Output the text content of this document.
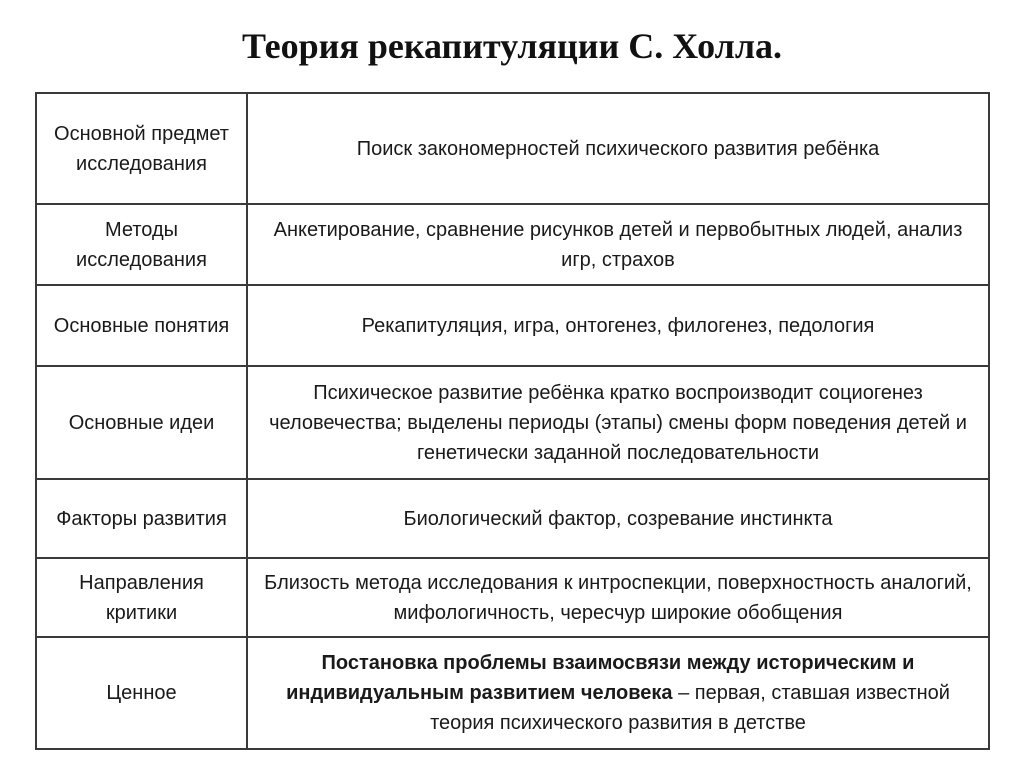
Теория рекапитуляции С. Холла.
Основной предмет исследования	Поиск закономерностей психического развития ребёнка
Методы исследования	Анкетирование, сравнение рисунков детей и первобытных людей, анализ игр, страхов
Основные понятия	Рекапитуляция, игра, онтогенез, филогенез, педология
Основные идеи	Психическое развитие ребёнка кратко воспроизводит социогенез человечества; выделены периоды (этапы) смены форм поведения детей и генетически заданной последовательности
Факторы развития	Биологический фактор, созревание инстинкта
Направления критики	Близость метода исследования к интроспекции, поверхностность аналогий, мифологичность, чересчур широкие обобщения
Ценное	Постановка проблемы взаимосвязи между историческим и индивидуальным развитием человека – первая, ставшая известной теория психического развития в детстве
